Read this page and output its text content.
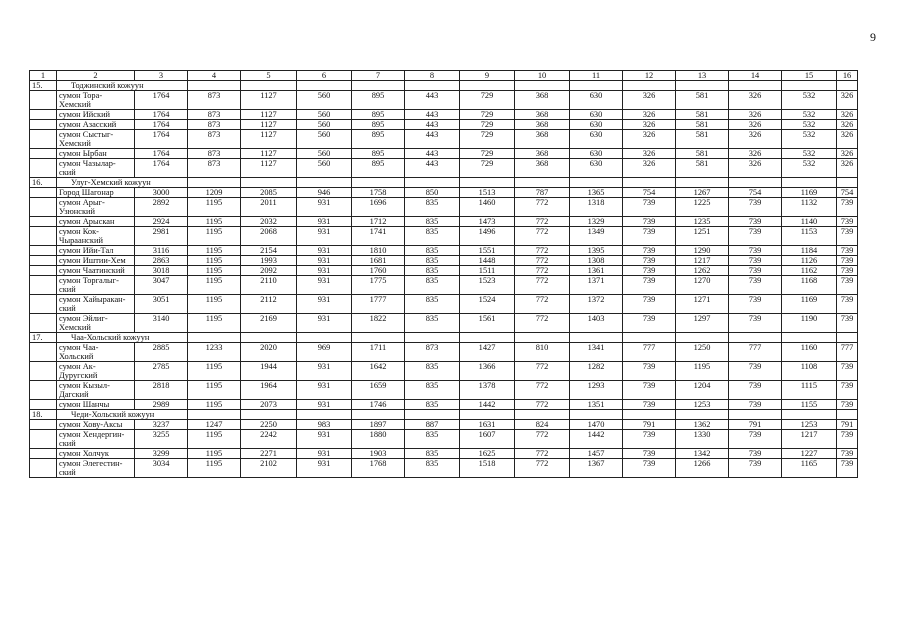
9
1	2	3	4	5	6	7	8	9	10	11	12	13	14	15	16
15.	Тоджинский кожуун														
	сумон Тора-Хемский	1764	873	1127	560	895	443	729	368	630	326	581	326	532	326
	сумон Ийский	1764	873	1127	560	895	443	729	368	630	326	581	326	532	326
	сумон Азасский	1764	873	1127	560	895	443	729	368	630	326	581	326	532	326
	сумон Сыстыг-Хемский	1764	873	1127	560	895	443	729	368	630	326	581	326	532	326
	сумон Ырбан	1764	873	1127	560	895	443	729	368	630	326	581	326	532	326
	сумон Чазылар-ский	1764	873	1127	560	895	443	729	368	630	326	581	326	532	326
16.	Улуг-Хемский кожуун														
	Город Шагонар	3000	1209	2085	946	1758	850	1513	787	1365	754	1267	754	1169	754
	сумон Арыг-Узюнский	2892	1195	2011	931	1696	835	1460	772	1318	739	1225	739	1132	739
	сумон Арыскан	2924	1195	2032	931	1712	835	1473	772	1329	739	1235	739	1140	739
	сумон Кок-Чыраанский	2981	1195	2068	931	1741	835	1496	772	1349	739	1251	739	1153	739
	сумон Ийи-Тал	3116	1195	2154	931	1810	835	1551	772	1395	739	1290	739	1184	739
	сумон Иштии-Хем	2863	1195	1993	931	1681	835	1448	772	1308	739	1217	739	1126	739
	сумон Чаатинский	3018	1195	2092	931	1760	835	1511	772	1361	739	1262	739	1162	739
	сумон Торгалыг-ский	3047	1195	2110	931	1775	835	1523	772	1371	739	1270	739	1168	739
	сумон Хайыракан-ский	3051	1195	2112	931	1777	835	1524	772	1372	739	1271	739	1169	739
	сумон Эйлиг-Хемский	3140	1195	2169	931	1822	835	1561	772	1403	739	1297	739	1190	739
17.	Чаа-Хольский кожуун														
	сумон Чаа-Хольский	2885	1233	2020	969	1711	873	1427	810	1341	777	1250	777	1160	777
	сумон Ак-Дуругский	2785	1195	1944	931	1642	835	1366	772	1282	739	1195	739	1108	739
	сумон Кызыл-Дагский	2818	1195	1964	931	1659	835	1378	772	1293	739	1204	739	1115	739
	сумон Шанчы	2989	1195	2073	931	1746	835	1442	772	1351	739	1253	739	1155	739
18.	Чеди-Хольский кожуун														
	сумон Хову-Аксы	3237	1247	2250	983	1897	887	1631	824	1470	791	1362	791	1253	791
	сумон Хендергин-ский	3255	1195	2242	931	1880	835	1607	772	1442	739	1330	739	1217	739
	сумон Холчук	3299	1195	2271	931	1903	835	1625	772	1457	739	1342	739	1227	739
	сумон Элегестин-ский	3034	1195	2102	931	1768	835	1518	772	1367	739	1266	739	1165	739
